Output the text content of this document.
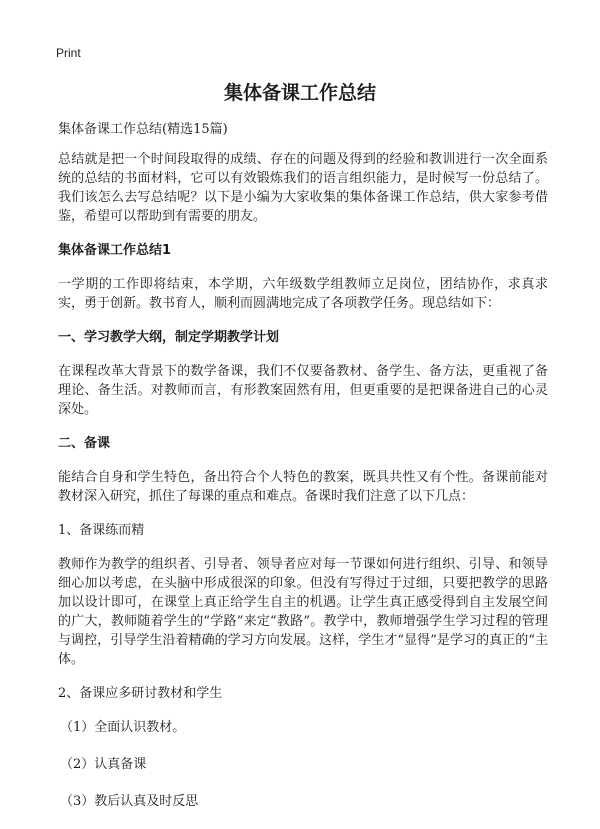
Print
集体备课工作总结

集体备课工作总结(精选15篇)

总结就是把一个时间段取得的成绩、存在的问题及得到的经验和教训进行一次全面系统的总结的书面材料，它可以有效锻炼我们的语言组织能力，是时候写一份总结了。我们该怎么去写总结呢？以下是小编为大家收集的集体备课工作总结，供大家参考借鉴，希望可以帮助到有需要的朋友。

集体备课工作总结1

一学期的工作即将结束，本学期，六年级数学组教师立足岗位，团结协作，求真求实，勇于创新。教书育人，顺利而圆满地完成了各项教学任务。现总结如下：

一、学习教学大纲，制定学期教学计划

在课程改革大背景下的数学备课，我们不仅要备教材、备学生、备方法，更重视了备理论、备生活。对教师而言，有形教案固然有用，但更重要的是把课备进自己的心灵深处。

二、备课

能结合自身和学生特色，备出符合个人特色的教案，既具共性又有个性。备课前能对教材深入研究，抓住了每课的重点和难点。备课时我们注意了以下几点：

1、备课练而精

教师作为教学的组织者、引导者、领导者应对每一节课如何进行组织、引导、和领导细心加以考虑，在头脑中形成很深的印象。但没有写得过于过细，只要把教学的思路加以设计即可，在课堂上真正给学生自主的机遇。让学生真正感受得到自主发展空间的广大，教师随着学生的“学路”来定“教路”。教学中，教师增强学生学习过程的管理与调控，引导学生沿着精确的学习方向发展。这样，学生才“显得”是学习的真正的“主体。

2、备课应多研讨教材和学生

（1）全面认识教材。

（2）认真备课

（3）教后认真及时反思
